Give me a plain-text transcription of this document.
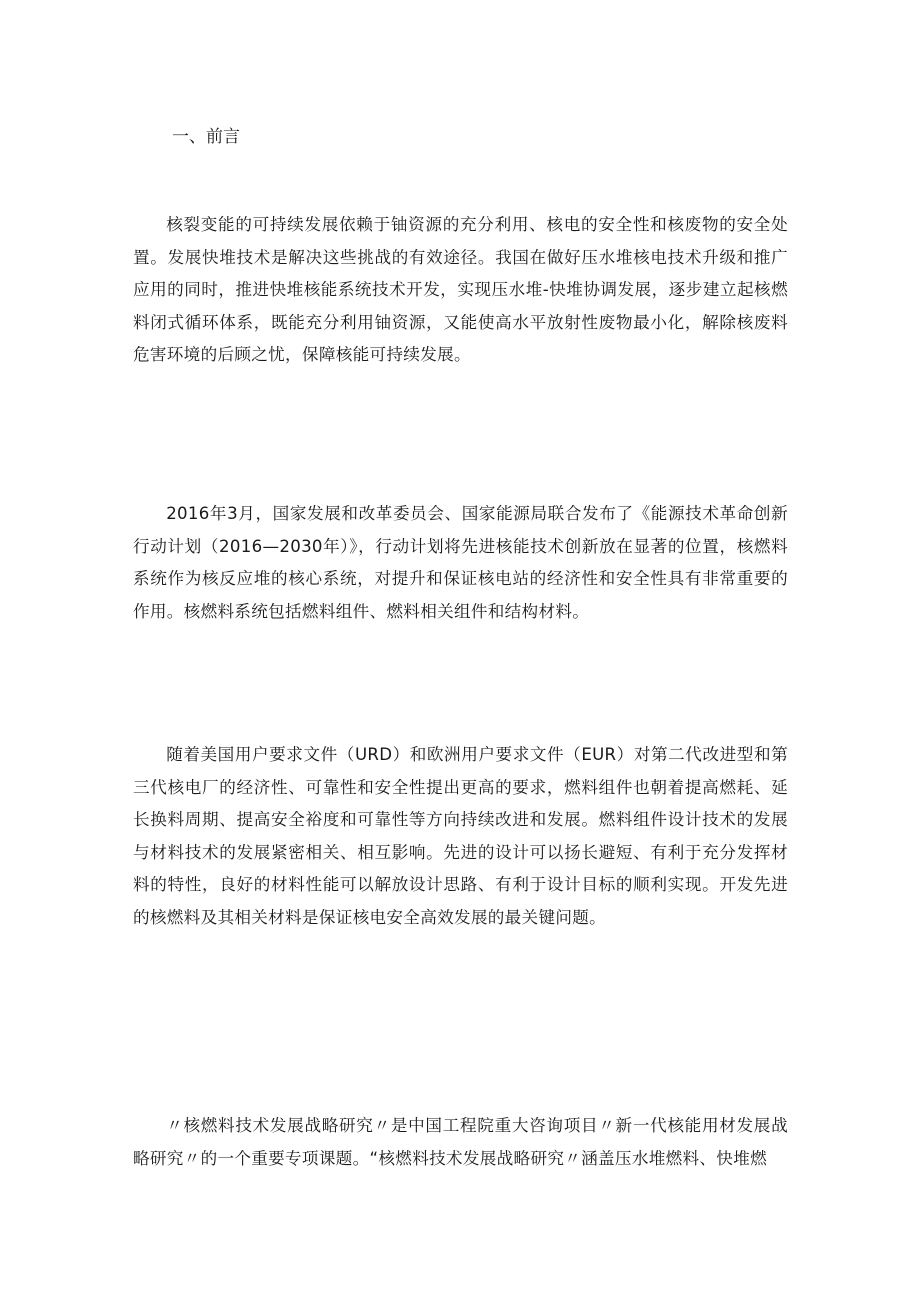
一、前言

核裂变能的可持续发展依赖于铀资源的充分利用、核电的安全性和核废物的安全处置。发展快堆技术是解决这些挑战的有效途径。我国在做好压水堆核电技术升级和推广应用的同时，推进快堆核能系统技术开发，实现压水堆-快堆协调发展，逐步建立起核燃料闭式循环体系，既能充分利用铀资源，又能使高水平放射性废物最小化，解除核废料危害环境的后顾之忧，保障核能可持续发展。

2016年3月，国家发展和改革委员会、国家能源局联合发布了《能源技术革命创新行动计划（2016—2030年）》，行动计划将先进核能技术创新放在显著的位置，核燃料系统作为核反应堆的核心系统，对提升和保证核电站的经济性和安全性具有非常重要的作用。核燃料系统包括燃料组件、燃料相关组件和结构材料。

随着美国用户要求文件（URD）和欧洲用户要求文件（EUR）对第二代改进型和第三代核电厂的经济性、可靠性和安全性提出更高的要求，燃料组件也朝着提高燃耗、延长换料周期、提高安全裕度和可靠性等方向持续改进和发展。燃料组件设计技术的发展与材料技术的发展紧密相关、相互影响。先进的设计可以扬长避短、有利于充分发挥材料的特性，良好的材料性能可以解放设计思路、有利于设计目标的顺利实现。开发先进的核燃料及其相关材料是保证核电安全高效发展的最关键问题。

〃核燃料技术发展战略研究〃是中国工程院重大咨询项目〃新一代核能用材发展战略研究〃的一个重要专项课题。“核燃料技术发展战略研究〃涵盖压水堆燃料、快堆燃
